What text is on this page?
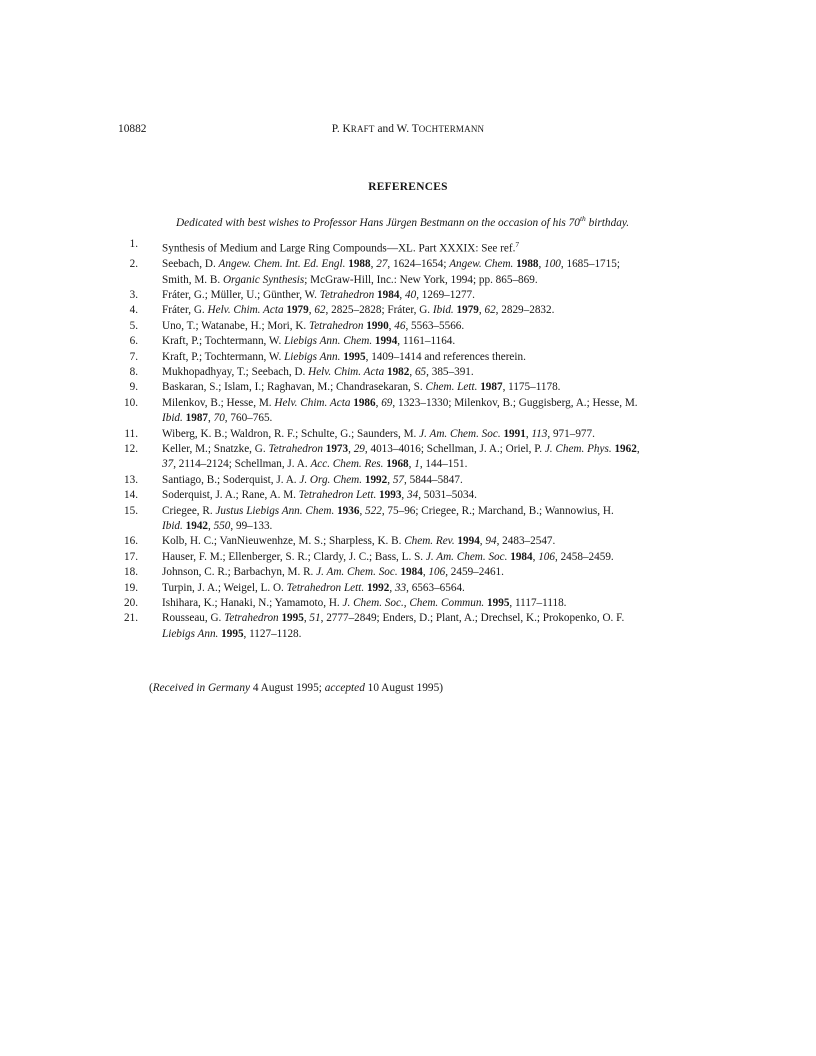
10882	P. KRAFT and W. TOCHTERMANN
REFERENCES
Dedicated with best wishes to Professor Hans Jürgen Bestmann on the occasion of his 70th birthday.
1. Synthesis of Medium and Large Ring Compounds—XL. Part XXXIX: See ref.$^7$
2. Seebach, D. Angew. Chem. Int. Ed. Engl. 1988, 27, 1624–1654; Angew. Chem. 1988, 100, 1685–1715;
Smith, M. B. Organic Synthesis; McGraw-Hill, Inc.: New York, 1994; pp. 865–869.
3. Fráter, G.; Müller, U.; Günther, W. Tetrahedron 1984, 40, 1269–1277.
4. Fráter, G. Helv. Chim. Acta 1979, 62, 2825–2828; Fráter, G. Ibid. 1979, 62, 2829–2832.
5. Uno, T.; Watanabe, H.; Mori, K. Tetrahedron 1990, 46, 5563–5566.
6. Kraft, P.; Tochtermann, W. Liebigs Ann. Chem. 1994, 1161–1164.
7. Kraft, P.; Tochtermann, W. Liebigs Ann. 1995, 1409–1414 and references therein.
8. Mukhopadhyay, T.; Seebach, D. Helv. Chim. Acta 1982, 65, 385–391.
9. Baskaran, S.; Islam, I.; Raghavan, M.; Chandrasekaran, S. Chem. Lett. 1987, 1175–1178.
10. Milenkov, B.; Hesse, M. Helv. Chim. Acta 1986, 69, 1323–1330; Milenkov, B.; Guggisberg, A.; Hesse, M.
Ibid. 1987, 70, 760–765.
11. Wiberg, K. B.; Waldron, R. F.; Schulte, G.; Saunders, M. J. Am. Chem. Soc. 1991, 113, 971–977.
12. Keller, M.; Snatzke, G. Tetrahedron 1973, 29, 4013–4016; Schellman, J. A.; Oriel, P. J. Chem. Phys. 1962,
37, 2114–2124; Schellman, J. A. Acc. Chem. Res. 1968, 1, 144–151.
13. Santiago, B.; Soderquist, J. A. J. Org. Chem. 1992, 57, 5844–5847.
14. Soderquist, J. A.; Rane, A. M. Tetrahedron Lett. 1993, 34, 5031–5034.
15. Criegee, R. Justus Liebigs Ann. Chem. 1936, 522, 75–96; Criegee, R.; Marchand, B.; Wannowius, H.
Ibid. 1942, 550, 99–133.
16. Kolb, H. C.; VanNieuwenhze, M. S.; Sharpless, K. B. Chem. Rev. 1994, 94, 2483–2547.
17. Hauser, F. M.; Ellenberger, S. R.; Clardy, J. C.; Bass, L. S. J. Am. Chem. Soc. 1984, 106, 2458–2459.
18. Johnson, C. R.; Barbachyn, M. R. J. Am. Chem. Soc. 1984, 106, 2459–2461.
19. Turpin, J. A.; Weigel, L. O. Tetrahedron Lett. 1992, 33, 6563–6564.
20. Ishihara, K.; Hanaki, N.; Yamamoto, H. J. Chem. Soc., Chem. Commun. 1995, 1117–1118.
21. Rousseau, G. Tetrahedron 1995, 51, 2777–2849; Enders, D.; Plant, A.; Drechsel, K.; Prokopenko, O. F.
Liebigs Ann. 1995, 1127–1128.
(Received in Germany 4 August 1995; accepted 10 August 1995)
